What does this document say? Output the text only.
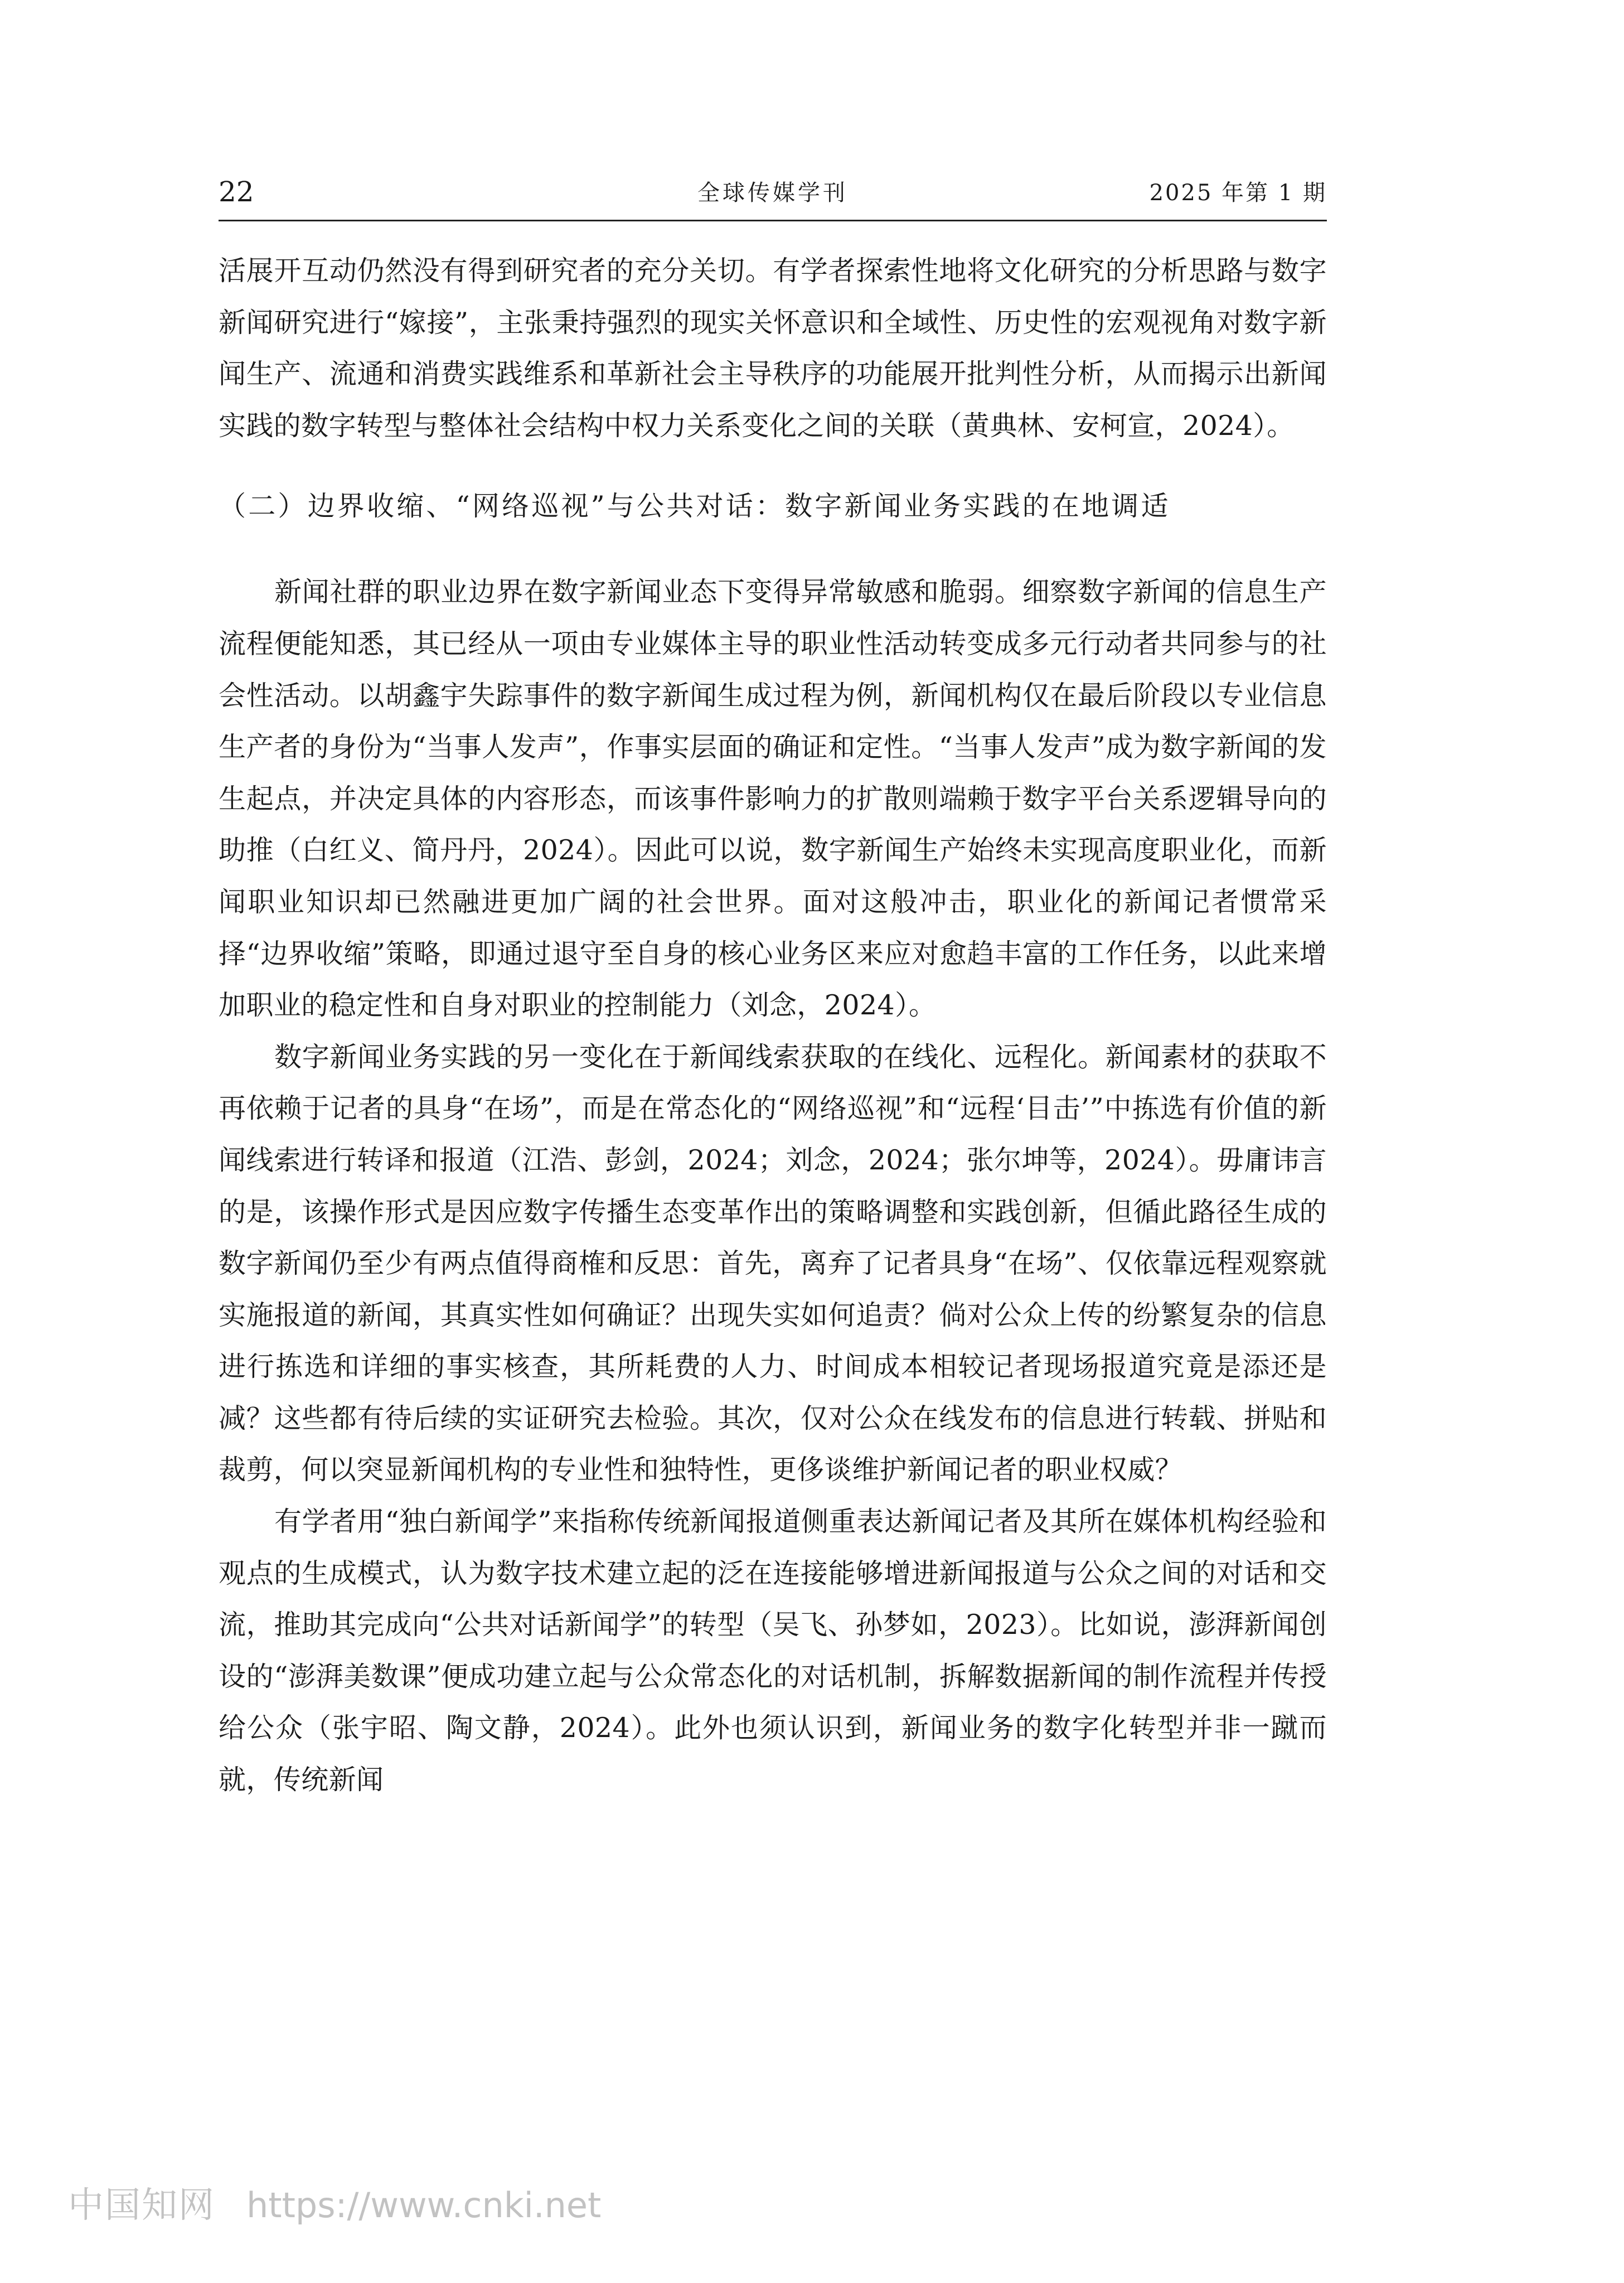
22	全球传媒学刊	2025 年第 1 期

活展开互动仍然没有得到研究者的充分关切。有学者探索性地将文化研究的分析思路与数字新闻研究进行“嫁接”，主张秉持强烈的现实关怀意识和全域性、历史性的宏观视角对数字新闻生产、流通和消费实践维系和革新社会主导秩序的功能展开批判性分析，从而揭示出新闻实践的数字转型与整体社会结构中权力关系变化之间的关联（黄典林、安柯宣，2024）。

（二）边界收缩、“网络巡视”与公共对话：数字新闻业务实践的在地调适

新闻社群的职业边界在数字新闻业态下变得异常敏感和脆弱。细察数字新闻的信息生产流程便能知悉，其已经从一项由专业媒体主导的职业性活动转变成多元行动者共同参与的社会性活动。以胡鑫宇失踪事件的数字新闻生成过程为例，新闻机构仅在最后阶段以专业信息生产者的身份为“当事人发声”，作事实层面的确证和定性。“当事人发声”成为数字新闻的发生起点，并决定具体的内容形态，而该事件影响力的扩散则端赖于数字平台关系逻辑导向的助推（白红义、简丹丹，2024）。因此可以说，数字新闻生产始终未实现高度职业化，而新闻职业知识却已然融进更加广阔的社会世界。面对这般冲击，职业化的新闻记者惯常采择“边界收缩”策略，即通过退守至自身的核心业务区来应对愈趋丰富的工作任务，以此来增加职业的稳定性和自身对职业的控制能力（刘念，2024）。

数字新闻业务实践的另一变化在于新闻线索获取的在线化、远程化。新闻素材的获取不再依赖于记者的具身“在场”，而是在常态化的“网络巡视”和“远程‘目击’”中拣选有价值的新闻线索进行转译和报道（江浩、彭剑，2024；刘念，2024；张尔坤等，2024）。毋庸讳言的是，该操作形式是因应数字传播生态变革作出的策略调整和实践创新，但循此路径生成的数字新闻仍至少有两点值得商榷和反思：首先，离弃了记者具身“在场”、仅依靠远程观察就实施报道的新闻，其真实性如何确证？出现失实如何追责？倘对公众上传的纷繁复杂的信息进行拣选和详细的事实核查，其所耗费的人力、时间成本相较记者现场报道究竟是添还是减？这些都有待后续的实证研究去检验。其次，仅对公众在线发布的信息进行转载、拼贴和裁剪，何以突显新闻机构的专业性和独特性，更侈谈维护新闻记者的职业权威？

有学者用“独白新闻学”来指称传统新闻报道侧重表达新闻记者及其所在媒体机构经验和观点的生成模式，认为数字技术建立起的泛在连接能够增进新闻报道与公众之间的对话和交流，推助其完成向“公共对话新闻学”的转型（吴飞、孙梦如，2023）。比如说，澎湃新闻创设的“澎湃美数课”便成功建立起与公众常态化的对话机制，拆解数据新闻的制作流程并传授给公众（张宇昭、陶文静，2024）。此外也须认识到，新闻业务的数字化转型并非一蹴而就，传统新闻

中国知网 https://www.cnki.net
